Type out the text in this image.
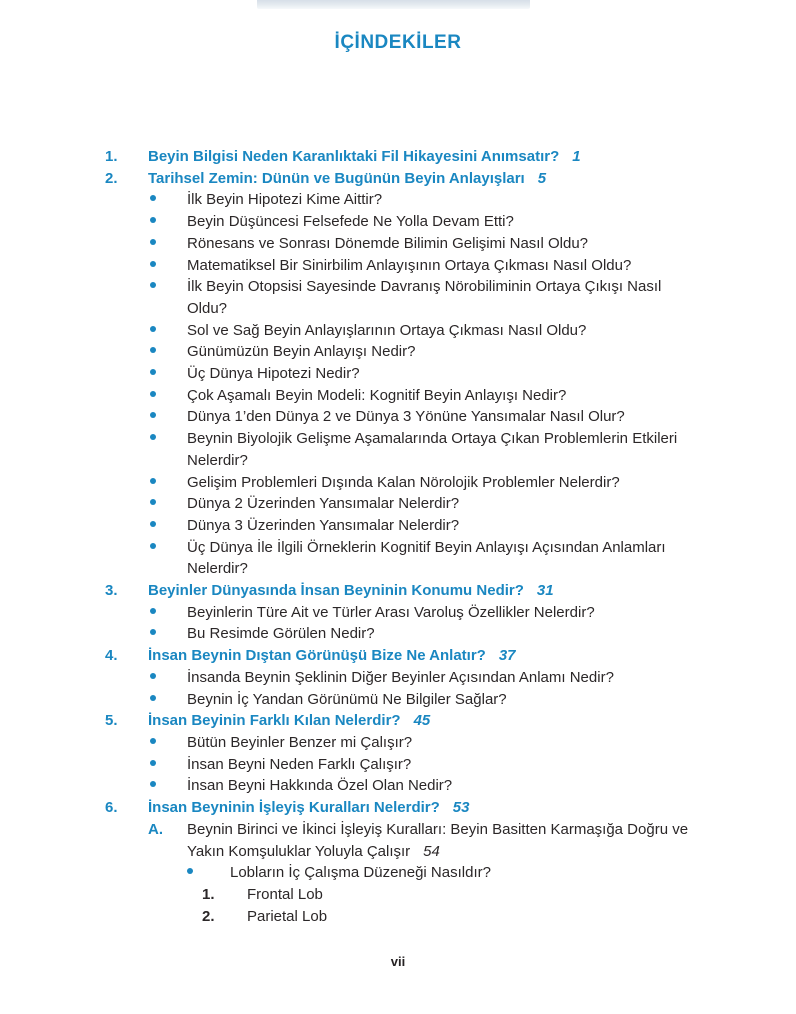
İÇİNDEKİLER
1.	Beyin Bilgisi Neden Karanlıktaki Fil Hikayesini Anımsatır? 1
2.	Tarihsel Zemin: Dünün ve Bugünün Beyin Anlayışları 5
İlk Beyin Hipotezi Kime Aittir?
Beyin Düşüncesi Felsefede Ne Yolla Devam Etti?
Rönesans ve Sonrası Dönemde Bilimin Gelişimi Nasıl Oldu?
Matematiksel Bir Sinirbilim Anlayışının Ortaya Çıkması Nasıl Oldu?
İlk Beyin Otopsisi Sayesinde Davranış Nörobiliminin Ortaya Çıkışı Nasıl Oldu?
Sol ve Sağ Beyin Anlayışlarının Ortaya Çıkması Nasıl Oldu?
Günümüzün Beyin Anlayışı Nedir?
Üç Dünya Hipotezi Nedir?
Çok Aşamalı Beyin Modeli: Kognitif Beyin Anlayışı Nedir?
Dünya 1’den Dünya 2 ve Dünya 3 Yönüne Yansımalar Nasıl Olur?
Beynin Biyolojik Gelişme Aşamalarında Ortaya Çıkan Problemlerin Etkileri Nelerdir?
Gelişim Problemleri Dışında Kalan Nörolojik Problemler Nelerdir?
Dünya 2 Üzerinden Yansımalar Nelerdir?
Dünya 3 Üzerinden Yansımalar Nelerdir?
Üç Dünya İle İlgili Örneklerin Kognitif Beyin Anlayışı Açısından Anlamları Nelerdir?
3.	Beyinler Dünyasında İnsan Beyninin Konumu Nedir? 31
Beyinlerin Türe Ait ve Türler Arası Varoluş Özellikler Nelerdir?
Bu Resimde Görülen Nedir?
4.	İnsan Beynin Dıştan Görünüşü Bize Ne Anlatır? 37
İnsanda Beynin Şeklinin Diğer Beyinler Açısından Anlamı Nedir?
Beynin İç Yandan Görünümü Ne Bilgiler Sağlar?
5.	İnsan Beyinin Farklı Kılan Nelerdir? 45
Bütün Beyinler Benzer mi Çalışır?
İnsan Beyni Neden Farklı Çalışır?
İnsan Beyni Hakkında Özel Olan Nedir?
6.	İnsan Beyninin İşleyiş Kuralları Nelerdir? 53
A.	Beynin Birinci ve İkinci İşleyiş Kuralları: Beyin Basitten Karmaşığa Doğru ve Yakın Komşuluklar Yoluyla Çalışır 54
Lobların İç Çalışma Düzeneği Nasıldır?
1.	Frontal Lob
2.	Parietal Lob
vii
